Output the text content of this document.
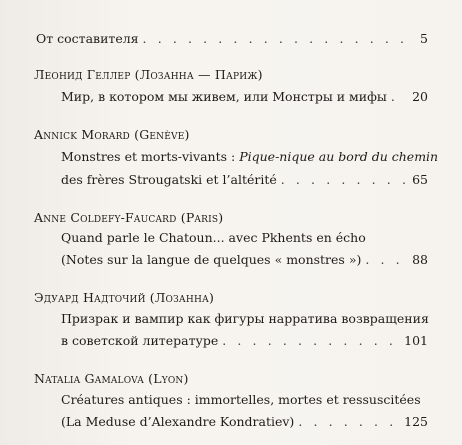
От составителя . . .	5
Леонид Геллер (Лозанна — Париж)
Мир, в котором мы живем, или Монстры и мифы . . . 20
Annick Morard (Genève)
Monstres et morts-vivants : Pique-nique au bord du chemin
des frères Strougatski et l’altérité . . .	65
Anne Coldefy-Faucard (Paris)
Quand parle le Chatoun... avec Pkhents en écho
(Notes sur la langue de quelques « monstres ») . . .	88
Эдуард Надточий (Лозанна)
Призрак и вампир как фигуры нарратива возвращения
в советской литературе . . .	101
Natalia Gamalova (Lyon)
Créatures antiques : immortelles, mortes et ressuscitées
(La Meduse d’Alexandre Kondratiev) . . .	125
